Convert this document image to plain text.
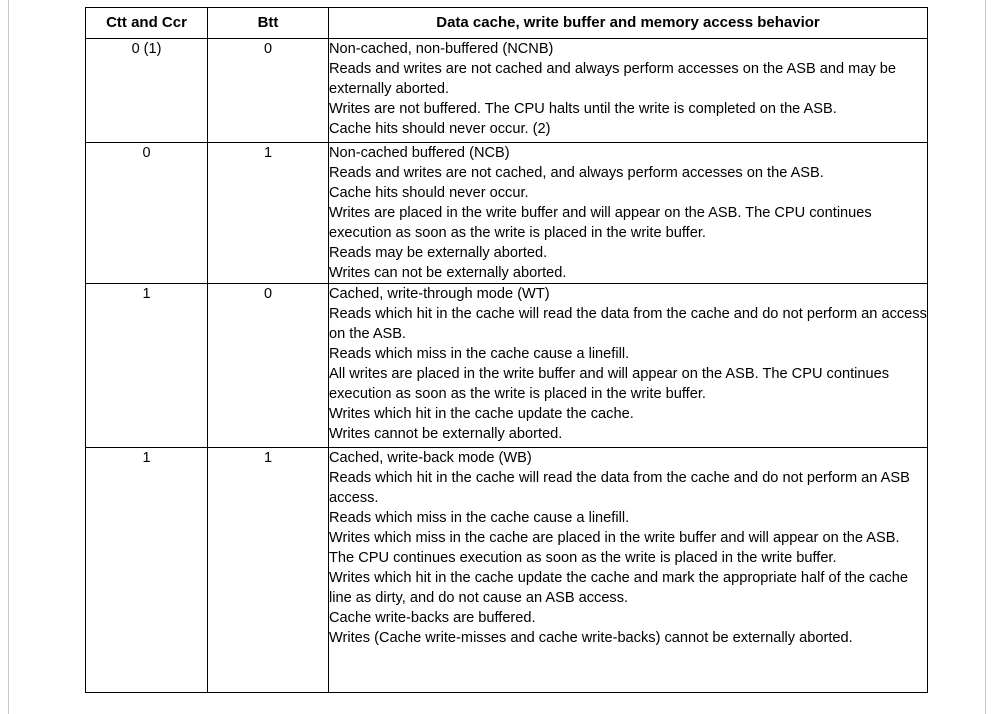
Ctt and Ccr	Btt	Data cache, write buffer and memory access behavior
0 (1)	0	Non-cached, non-buffered (NCNB)
Reads and writes are not cached and always perform accesses on the ASB and may be externally aborted.
Writes are not buffered. The CPU halts until the write is completed on the ASB.
Cache hits should never occur. (2)

0	1	Non-cached buffered (NCB)
Reads and writes are not cached, and always perform accesses on the ASB.
Cache hits should never occur.
Writes are placed in the write buffer and will appear on the ASB. The CPU continues execution as soon as the write is placed in the write buffer.
Reads may be externally aborted.
Writes can not be externally aborted.

1	0	Cached, write-through mode (WT)
Reads which hit in the cache will read the data from the cache and do not perform an access on the ASB.
Reads which miss in the cache cause a linefill.
All writes are placed in the write buffer and will appear on the ASB. The CPU continues execution as soon as the write is placed in the write buffer.
Writes which hit in the cache update the cache.
Writes cannot be externally aborted.

1	1	Cached, write-back mode (WB)
Reads which hit in the cache will read the data from the cache and do not perform an ASB access.
Reads which miss in the cache cause a linefill.
Writes which miss in the cache are placed in the write buffer and will appear on the ASB. The CPU continues execution as soon as the write is placed in the write buffer.
Writes which hit in the cache update the cache and mark the appropriate half of the cache line as dirty, and do not cause an ASB access.
Cache write-backs are buffered.
Writes (Cache write-misses and cache write-backs) cannot be externally aborted.
